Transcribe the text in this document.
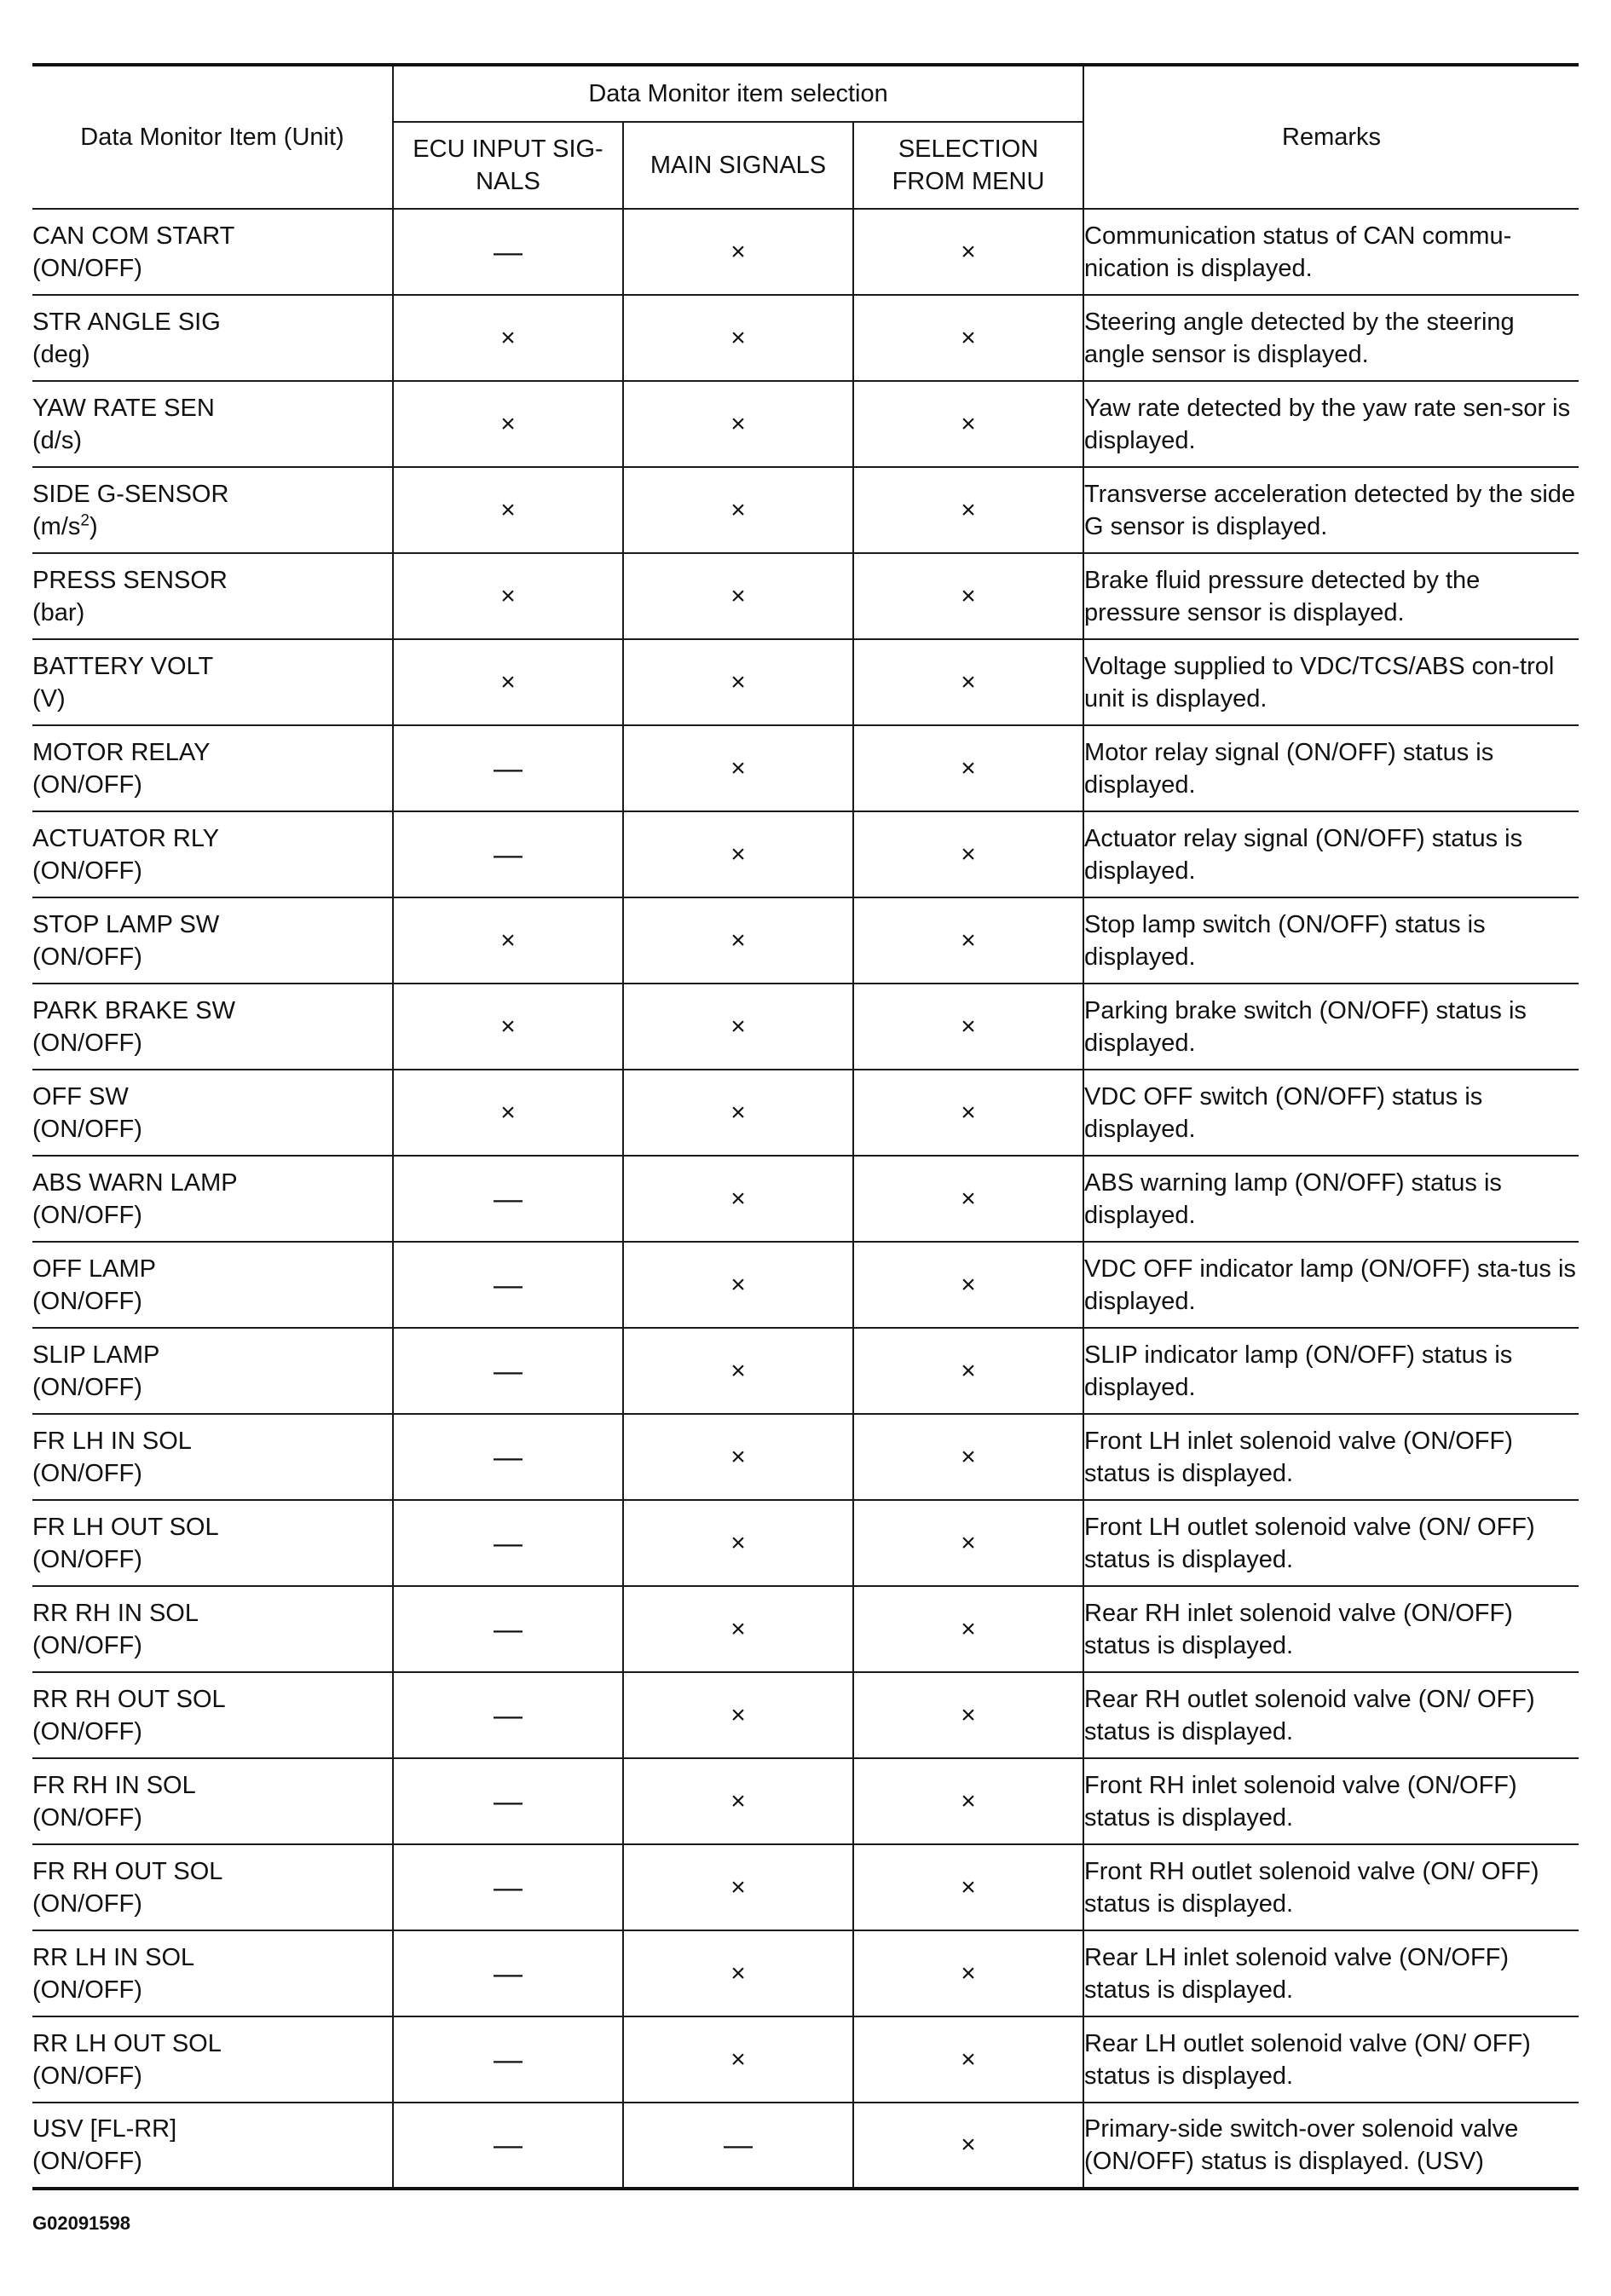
Data Monitor Item (Unit)	Data Monitor item selection			Remarks
	ECU INPUT SIG-
NALS	MAIN SIGNALS	SELECTION
FROM MENU	

CAN COM START
(ON/OFF)	—	×	×	Communication status of CAN commu-nication is displayed.

STR ANGLE SIG
(deg)	×	×	×	Steering angle detected by the steering angle sensor is displayed.

YAW RATE SEN
(d/s)	×	×	×	Yaw rate detected by the yaw rate sen-sor is displayed.

SIDE G-SENSOR
$(m/s^2)$	×	×	×	Transverse acceleration detected by the side G sensor is displayed.

PRESS SENSOR
(bar)	×	×	×	Brake fluid pressure detected by the pressure sensor is displayed.

BATTERY VOLT
(V)	×	×	×	Voltage supplied to VDC/TCS/ABS con-trol unit is displayed.

MOTOR RELAY
(ON/OFF)	—	×	×	Motor relay signal (ON/OFF) status is displayed.

ACTUATOR RLY
(ON/OFF)	—	×	×	Actuator relay signal (ON/OFF) status is displayed.

STOP LAMP SW
(ON/OFF)	×	×	×	Stop lamp switch (ON/OFF) status is displayed.

PARK BRAKE SW
(ON/OFF)	×	×	×	Parking brake switch (ON/OFF) status is displayed.

OFF SW
(ON/OFF)	×	×	×	VDC OFF switch (ON/OFF) status is displayed.

ABS WARN LAMP
(ON/OFF)	—	×	×	ABS warning lamp (ON/OFF) status is displayed.

OFF LAMP
(ON/OFF)	—	×	×	VDC OFF indicator lamp (ON/OFF) sta-tus is displayed.

SLIP LAMP
(ON/OFF)	—	×	×	SLIP indicator lamp (ON/OFF) status is displayed.

FR LH IN SOL
(ON/OFF)	—	×	×	Front LH inlet solenoid valve (ON/OFF) status is displayed.

FR LH OUT SOL
(ON/OFF)	—	×	×	Front LH outlet solenoid valve (ON/ OFF) status is displayed.

RR RH IN SOL
(ON/OFF)	—	×	×	Rear RH inlet solenoid valve (ON/OFF) status is displayed.

RR RH OUT SOL
(ON/OFF)	—	×	×	Rear RH outlet solenoid valve (ON/ OFF) status is displayed.

FR RH IN SOL
(ON/OFF)	—	×	×	Front RH inlet solenoid valve (ON/OFF) status is displayed.

FR RH OUT SOL
(ON/OFF)	—	×	×	Front RH outlet solenoid valve (ON/ OFF) status is displayed.

RR LH IN SOL
(ON/OFF)	—	×	×	Rear LH inlet solenoid valve (ON/OFF) status is displayed.

RR LH OUT SOL
(ON/OFF)	—	×	×	Rear LH outlet solenoid valve (ON/ OFF) status is displayed.

USV [FL-RR]
(ON/OFF)	—	—	×	Primary-side switch-over solenoid valve (ON/OFF) status is displayed. (USV)
G02091598
